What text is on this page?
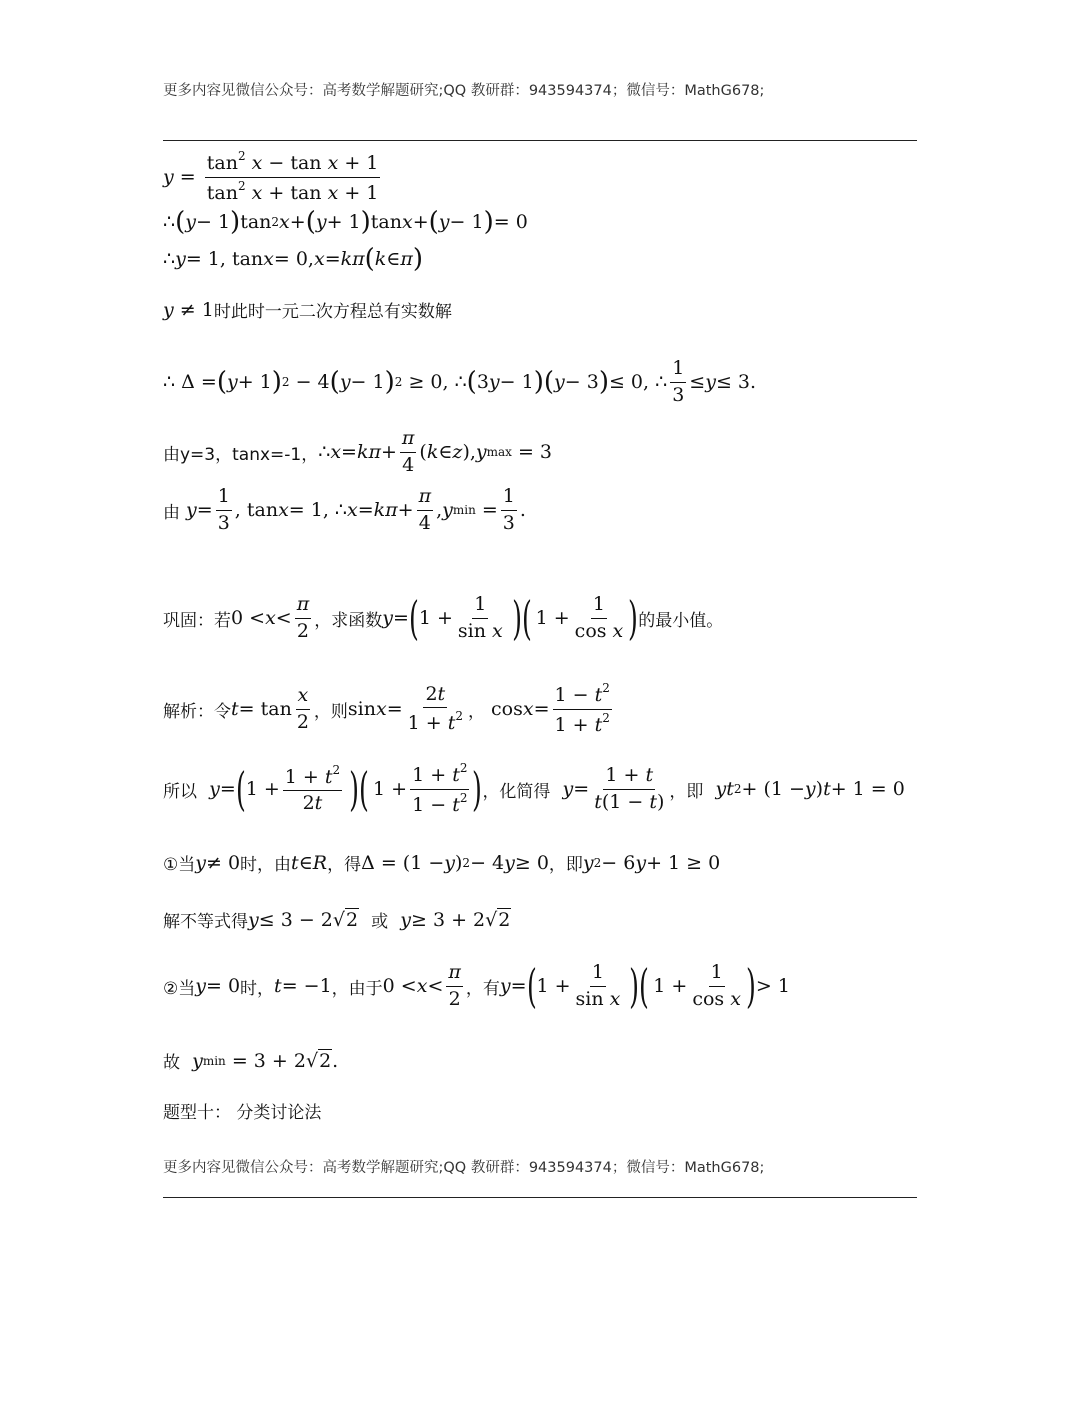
更多内容见微信公众号：高考数学解题研究;QQ 教研群：943594374；微信号：MathG678;
$y = \frac{\tan^2 x - \tan x + 1}{\tan^2 x + \tan x + 1}$
∴ ( y − 1 ) tan 2 x + ( y + 1 ) tan x + ( y − 1 ) = 0
∴ y = 1, tan x = 0, x = kπ ( k ∈ π )
y ≠ 1 时此时一元二次方程总有实数解
∴ Δ = ( y + 1 ) 2 − 4 ( y − 1 ) 2 ≥ 0, ∴ ( 3 y − 1 )( y − 3 ) ≤ 0, ∴ $\frac{1}{3} \le y \le 3$.
由 y=3，tanx=-1， ∴ $x = k\pi + \frac{\pi}{4}$ ( k ∈ z ), y max = 3
由
$y = \frac{1}{3}$ , tan x = 1, ∴ $x = k\pi + \frac{\pi}{4}$ , y $\min = \frac{1}{3}$ .
巩固：若 $0 < x < \frac{\pi}{2}$ ，求函数 y = ( $1 + \frac{1}{\text{sin x}}$ )( $1 + \frac{1}{\text{cos x}}$ ) 的最小值。
解析：令 $t = \tan \frac{x}{2}$ ，则 $\sin x = \frac{2t}{1 + t^2}$ ， $\cos x = \frac{1 - t^2}{1 + t^2}$
所以
y = ( $1 + \frac{1 + t^2}{2t}$ )( $1 + \frac{1 + t^2}{1 - t^2}$ ) ，化简得
$y = \frac{1 + t}{t(1 - t)}$ ，即
yt 2 + (1 − y ) t + 1 = 0
①当 y ≠ 0 时，由 t ∈ R ，得 Δ = (1 − y ) 2 − 4 y ≥ 0 ，即 y 2 − 6 y + 1 ≥ 0
解不等式得 y ≤ 3 − 2√ 2
或
y ≥ 3 + 2√ 2
②当 y = 0 时， t = −1 ，由于 $0 < x < \frac{\pi}{2}$ ，有 y = ( $1 + \frac{1}{\text{sin x}}$ )( $1 + \frac{1}{\text{cos x}}$ ) > 1
故
y min = 3 + 2√ 2 .
题型十： 分类讨论法
更多内容见微信公众号：高考数学解题研究;QQ 教研群：943594374；微信号：MathG678;
